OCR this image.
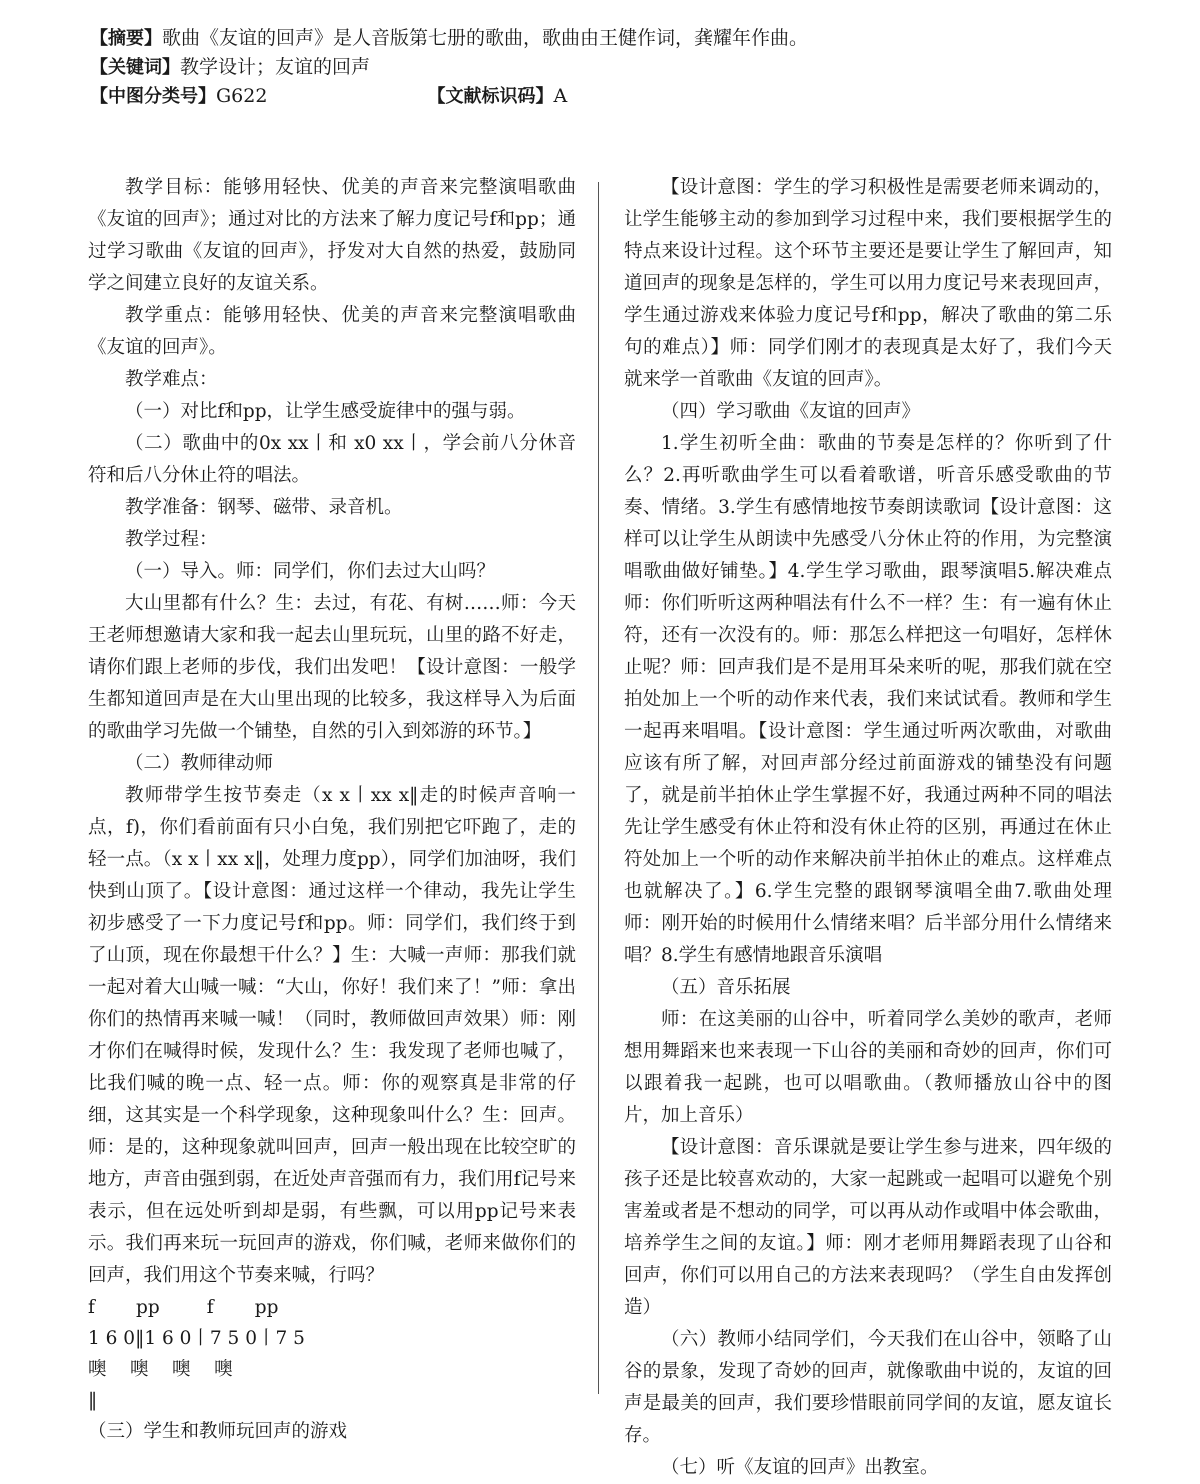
【摘要】歌曲《友谊的回声》是人音版第七册的歌曲，歌曲由王健作词，龚耀年作曲。
【关键词】教学设计；友谊的回声
【中图分类号】G622	【文献标识码】A

教学目标：能够用轻快、优美的声音来完整演唱歌曲《友谊的回声》；通过对比的方法来了解力度记号f和pp；通过学习歌曲《友谊的回声》，抒发对大自然的热爱，鼓励同学之间建立良好的友谊关系。

教学重点：能够用轻快、优美的声音来完整演唱歌曲《友谊的回声》。

教学难点：

（一）对比f和pp，让学生感受旋律中的强与弱。

（二）歌曲中的0x xx丨和 x0 xx丨，学会前八分休音符和后八分休止符的唱法。

教学准备：钢琴、磁带、录音机。

教学过程：

（一）导入。师：同学们，你们去过大山吗？

大山里都有什么？生：去过，有花、有树……师：今天王老师想邀请大家和我一起去山里玩玩，山里的路不好走，请你们跟上老师的步伐，我们出发吧！【设计意图：一般学生都知道回声是在大山里出现的比较多，我这样导入为后面的歌曲学习先做一个铺垫，自然的引入到郊游的环节。】

（二）教师律动师

教师带学生按节奏走（x x丨xx x‖走的时候声音响一点，f)，你们看前面有只小白兔，我们别把它吓跑了，走的轻一点。（x x丨xx x‖，处理力度pp），同学们加油呀，我们快到山顶了。【设计意图：通过这样一个律动，我先让学生初步感受了一下力度记号f和pp。师：同学们，我们终于到了山顶，现在你最想干什么？】生：大喊一声师：那我们就一起对着大山喊一喊：“大山，你好！我们来了！”师：拿出你们的热情再来喊一喊！（同时，教师做回声效果）师：刚才你们在喊得时候，发现什么？生：我发现了老师也喊了，比我们喊的晚一点、轻一点。师：你的观察真是非常的仔细，这其实是一个科学现象，这种现象叫什么？生：回声。师：是的，这种现象就叫回声，回声一般出现在比较空旷的地方，声音由强到弱，在近处声音强而有力，我们用f记号来表示，但在远处听到却是弱，有些飘，可以用pp记号来表示。我们再来玩一玩回声的游戏，你们喊，老师来做你们的回声，我们用这个节奏来喊，行吗？

f       pp        f       pp

1 6 0‖1 6 0丨7 5 0丨7 5

噢    噢    噢    噢

‖

（三）学生和教师玩回声的游戏

【设计意图：学生的学习积极性是需要老师来调动的，让学生能够主动的参加到学习过程中来，我们要根据学生的特点来设计过程。这个环节主要还是要让学生了解回声，知道回声的现象是怎样的，学生可以用力度记号来表现回声，学生通过游戏来体验力度记号f和pp，解决了歌曲的第二乐句的难点）】师：同学们刚才的表现真是太好了，我们今天就来学一首歌曲《友谊的回声》。

（四）学习歌曲《友谊的回声》

1.学生初听全曲：歌曲的节奏是怎样的？你听到了什么？2.再听歌曲学生可以看着歌谱，听音乐感受歌曲的节奏、情绪。3.学生有感情地按节奏朗读歌词【设计意图：这样可以让学生从朗读中先感受八分休止符的作用，为完整演唱歌曲做好铺垫。】4.学生学习歌曲，跟琴演唱5.解决难点师：你们听听这两种唱法有什么不一样？生：有一遍有休止符，还有一次没有的。师：那怎么样把这一句唱好，怎样休止呢？师：回声我们是不是用耳朵来听的呢，那我们就在空拍处加上一个听的动作来代表，我们来试试看。教师和学生一起再来唱唱。【设计意图：学生通过听两次歌曲，对歌曲应该有所了解，对回声部分经过前面游戏的铺垫没有问题了，就是前半拍休止学生掌握不好，我通过两种不同的唱法先让学生感受有休止符和没有休止符的区别，再通过在休止符处加上一个听的动作来解决前半拍休止的难点。这样难点也就解决了。】6.学生完整的跟钢琴演唱全曲7.歌曲处理师：刚开始的时候用什么情绪来唱？后半部分用什么情绪来唱？8.学生有感情地跟音乐演唱

（五）音乐拓展

师：在这美丽的山谷中，听着同学么美妙的歌声，老师想用舞蹈来也来表现一下山谷的美丽和奇妙的回声，你们可以跟着我一起跳，也可以唱歌曲。（教师播放山谷中的图片，加上音乐）

【设计意图：音乐课就是要让学生参与进来，四年级的孩子还是比较喜欢动的，大家一起跳或一起唱可以避免个别害羞或者是不想动的同学，可以再从动作或唱中体会歌曲，培养学生之间的友谊。】师：刚才老师用舞蹈表现了山谷和回声，你们可以用自己的方法来表现吗？（学生自由发挥创造）

（六）教师小结同学们，今天我们在山谷中，领略了山谷的景象，发现了奇妙的回声，就像歌曲中说的，友谊的回声是最美的回声，我们要珍惜眼前同学间的友谊，愿友谊长存。

（七）听《友谊的回声》出教室。
